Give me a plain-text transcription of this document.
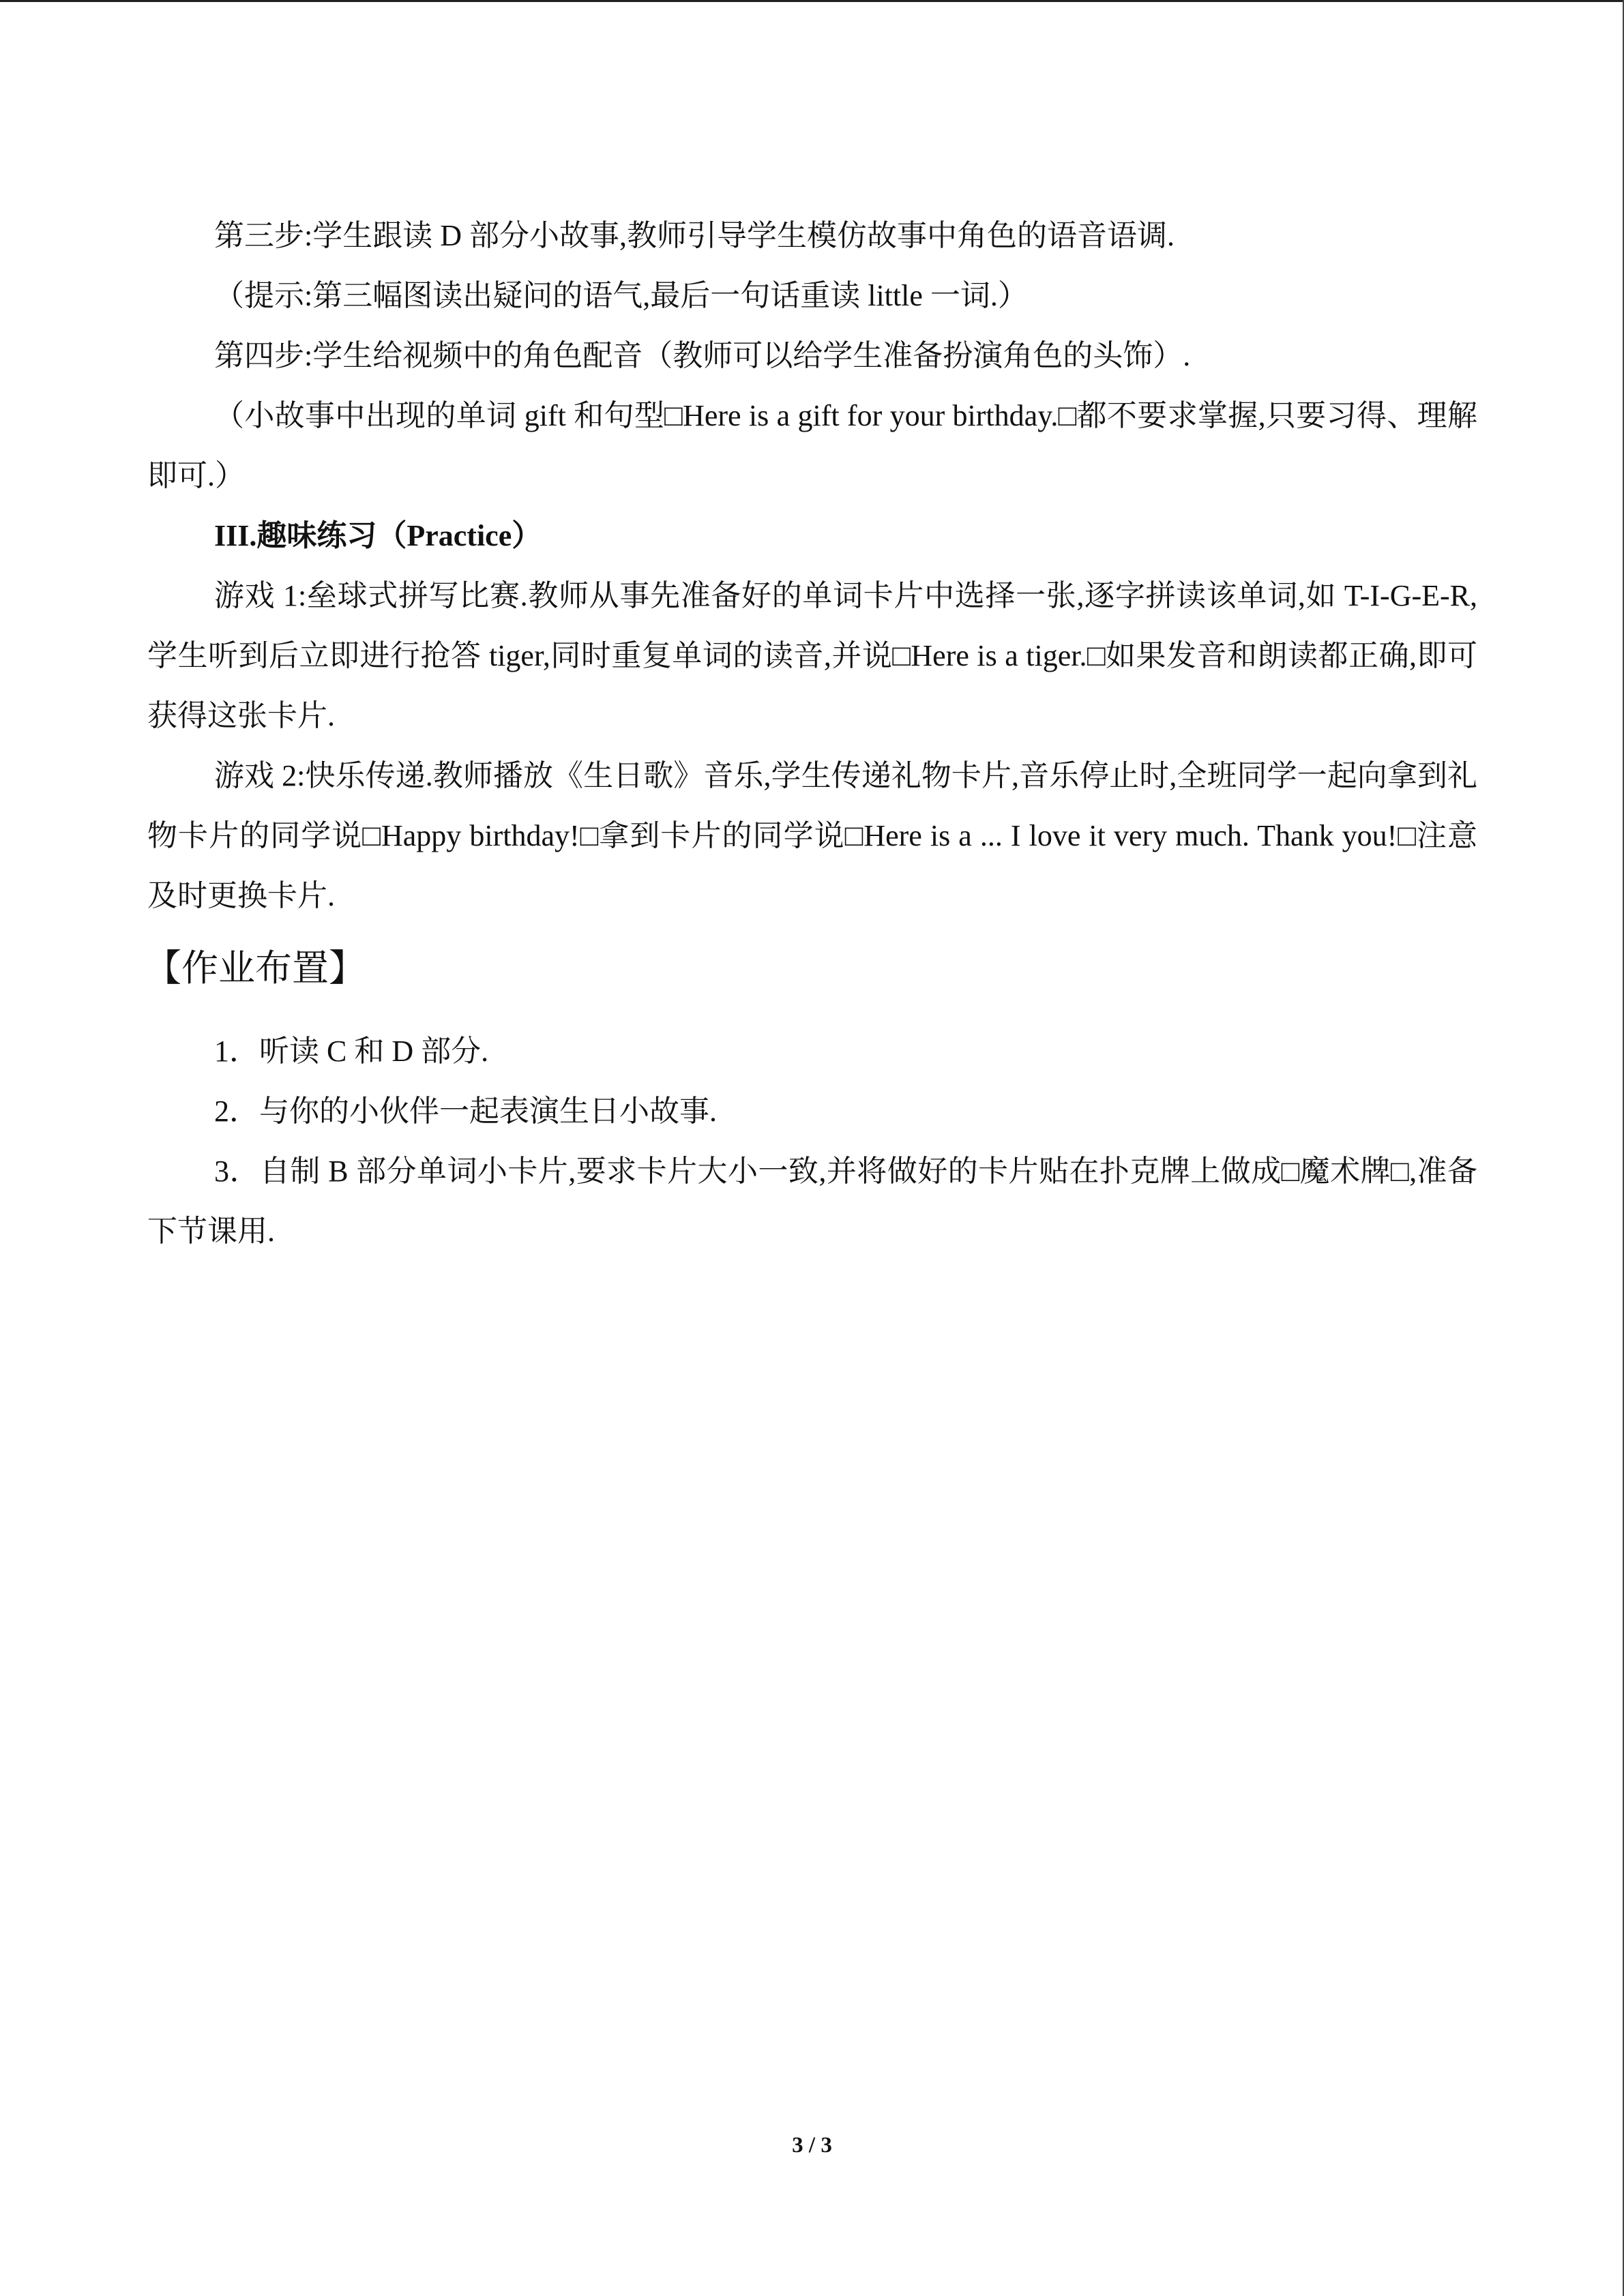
第三步:学生跟读 D 部分小故事,教师引导学生模仿故事中角色的语音语调.

（提示:第三幅图读出疑问的语气,最后一句话重读 little 一词.）

第四步:学生给视频中的角色配音（教师可以给学生准备扮演角色的头饰）.

（小故事中出现的单词 gift 和句型□Here is a gift for your birthday.□都不要求掌握,只要习得、理解即可.）

III.趣味练习（Practice）

游戏 1:垒球式拼写比赛.教师从事先准备好的单词卡片中选择一张,逐字拼读该单词,如 T-I-G-E-R,学生听到后立即进行抢答 tiger,同时重复单词的读音,并说□Here is a tiger.□如果发音和朗读都正确,即可获得这张卡片.

游戏 2:快乐传递.教师播放《生日歌》音乐,学生传递礼物卡片,音乐停止时,全班同学一起向拿到礼物卡片的同学说□Happy birthday!□拿到卡片的同学说□Here is a ... I love it very much. Thank you!□注意及时更换卡片.

【作业布置】

1．听读 C 和 D 部分.

2．与你的小伙伴一起表演生日小故事.

3．自制 B 部分单词小卡片,要求卡片大小一致,并将做好的卡片贴在扑克牌上做成□魔术牌□,准备下节课用.

3 / 3
